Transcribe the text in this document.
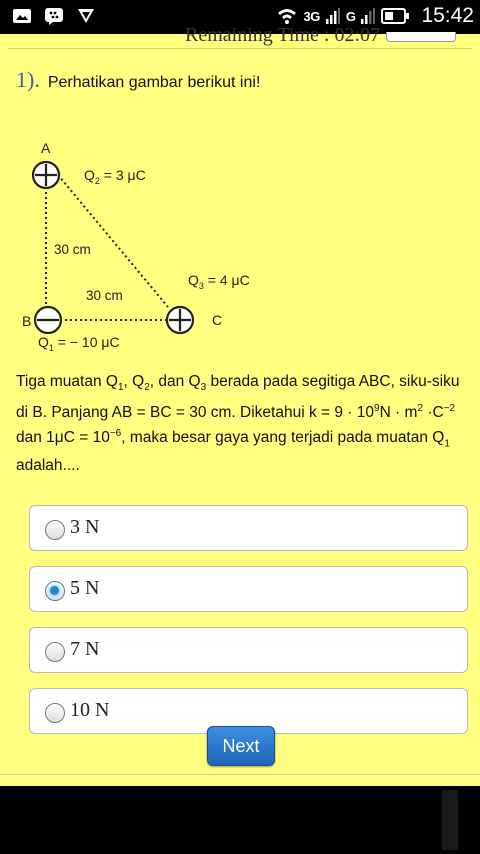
3G G	15:42
Remaining Time : 02:07
1). Perhatikan gambar berikut ini!
A
B	C
$Q_2 = 3$ μC
$Q_3 = 4$ μC
$Q_1$ = − 10 μC
30 cm
30 cm
Tiga muatan $Q_1$, $Q_2$, dan $Q_3$ berada pada segitiga ABC, siku-siku di B. Panjang AB = BC = 30 cm. Diketahui $k = 9 \cdot 10^9N \cdot m^2 \cdot C^{-2}$ dan $1\mu C = 10^{-6}$, maka besar gaya yang terjadi pada muatan $Q_1$ adalah....
3 N
5 N
7 N
10 N
Next
